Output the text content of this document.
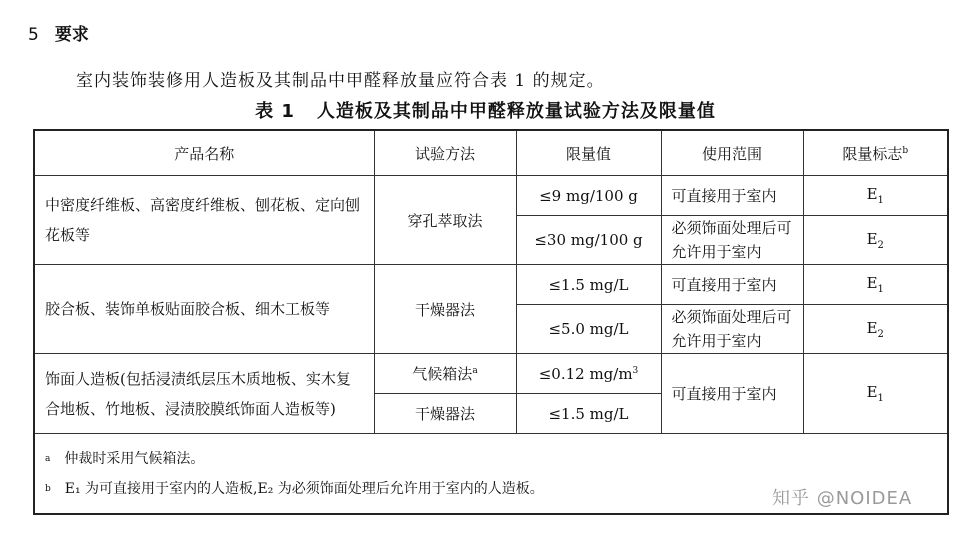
5 要求
室内装饰装修用人造板及其制品中甲醛释放量应符合表 1 的规定。
表 1 人造板及其制品中甲醛释放量试验方法及限量值
产品名称	试验方法	限量值	使用范围	限量标志$^b$
中密度纤维板、高密度纤维板、刨花板、定向刨花板等	穿孔萃取法	≤9 mg/100 g	可直接用于室内	$E_1$
		≤30 mg/100 g	必须饰面处理后可允许用于室内	$E_2$
胶合板、装饰单板贴面胶合板、细木工板等	干燥器法	≤1.5 mg/L	可直接用于室内	$E_1$
		≤5.0 mg/L	必须饰面处理后可允许用于室内	$E_2$
饰面人造板(包括浸渍纸层压木质地板、实木复合地板、竹地板、浸渍胶膜纸饰面人造板等)	气候箱法$^a$	≤0.12 $mg/m^3$	可直接用于室内	$E_1$
	干燥器法	≤1.5 mg/L		

$^a$ 仲裁时采用气候箱法。
$^b$ E₁ 为可直接用于室内的人造板,E₂ 为必须饰面处理后允许用于室内的人造板。					知乎 @NOIDEA
